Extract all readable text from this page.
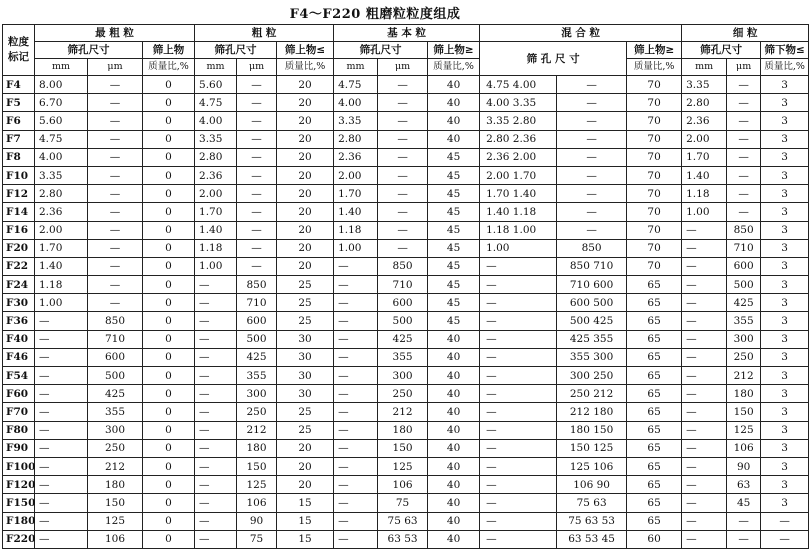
F4～F220 粗磨粒粒度组成
粒度
标记	最 粗 粒			粗 粒			基 本 粒			混 合 粒			细 粒		
	筛孔尺寸		筛上物	筛孔尺寸		筛上物≤	筛孔尺寸		筛上物≥	筛 孔 尺 寸		筛上物≥	筛孔尺寸		筛下物≤
	mm	μm	质量比,%	mm	μm	质量比,%	mm	μm	质量比,%			质量比,%	mm	μm	质量比,%
F4	8.00	—	0	5.60	—	20	4.75	—	40	4.75 4.00	—	70	3.35	—	3
F5	6.70	—	0	4.75	—	20	4.00	—	40	4.00 3.35	—	70	2.80	—	3
F6	5.60	—	0	4.00	—	20	3.35	—	40	3.35 2.80	—	70	2.36	—	3
F7	4.75	—	0	3.35	—	20	2.80	—	40	2.80 2.36	—	70	2.00	—	3
F8	4.00	—	0	2.80	—	20	2.36	—	45	2.36 2.00	—	70	1.70	—	3
F10	3.35	—	0	2.36	—	20	2.00	—	45	2.00 1.70	—	70	1.40	—	3
F12	2.80	—	0	2.00	—	20	1.70	—	45	1.70 1.40	—	70	1.18	—	3
F14	2.36	—	0	1.70	—	20	1.40	—	45	1.40 1.18	—	70	1.00	—	3
F16	2.00	—	0	1.40	—	20	1.18	—	45	1.18 1.00	—	70	—	850	3
F20	1.70	—	0	1.18	—	20	1.00	—	45	1.00	850	70	—	710	3
F22	1.40	—	0	1.00	—	20	—	850	45	—	850 710	70	—	600	3
F24	1.18	—	0	—	850	25	—	710	45	—	710 600	65	—	500	3
F30	1.00	—	0	—	710	25	—	600	45	—	600 500	65	—	425	3
F36	—	850	0	—	600	25	—	500	45	—	500 425	65	—	355	3
F40	—	710	0	—	500	30	—	425	40	—	425 355	65	—	300	3
F46	—	600	0	—	425	30	—	355	40	—	355 300	65	—	250	3
F54	—	500	0	—	355	30	—	300	40	—	300 250	65	—	212	3
F60	—	425	0	—	300	30	—	250	40	—	250 212	65	—	180	3
F70	—	355	0	—	250	25	—	212	40	—	212 180	65	—	150	3
F80	—	300	0	—	212	25	—	180	40	—	180 150	65	—	125	3
F90	—	250	0	—	180	20	—	150	40	—	150 125	65	—	106	3
F100	—	212	0	—	150	20	—	125	40	—	125 106	65	—	90	3
F120	—	180	0	—	125	20	—	106	40	—	106 90	65	—	63	3
F150	—	150	0	—	106	15	—	75	40	—	75 63	65	—	45	3
F180	—	125	0	—	90	15	—	75 63	40	—	75 63 53	65	—	—	—
F220	—	106	0	—	75	15	—	63 53	40	—	63 53 45	60	—	—	—
